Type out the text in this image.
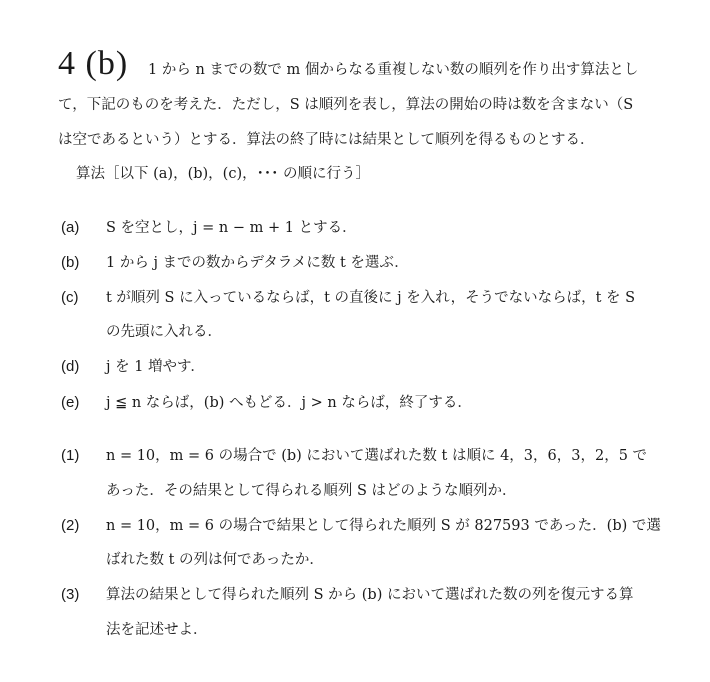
4 (b) 1 から n までの数で m 個からなる重複しない数の順列を作り出す算法とし
て，下記のものを考えた．ただし，S は順列を表し，算法の開始の時は数を含まない（S
は空であるという）とする．算法の終了時には結果として順列を得るものとする．
算法［以下 (a)，(b)，(c)，･･･ の順に行う］
(a) S を空とし，j = n − m + 1 とする．
(b) 1 から j までの数からデタラメに数 t を選ぶ．
(c) t が順列 S に入っているならば，t の直後に j を入れ，そうでないならば，t を S
の先頭に入れる．
(d) j を 1 増やす．
(e) j ≦ n ならば，(b) へもどる．j > n ならば，終了する．
(1) n = 10，m = 6 の場合で (b) において選ばれた数 t は順に 4，3，6，3，2，5 で
あった．その結果として得られる順列 S はどのような順列か．
(2) n = 10，m = 6 の場合で結果として得られた順列 S が 827593 であった．(b) で選
ばれた数 t の列は何であったか．
(3) 算法の結果として得られた順列 S から (b) において選ばれた数の列を復元する算
法を記述せよ．
